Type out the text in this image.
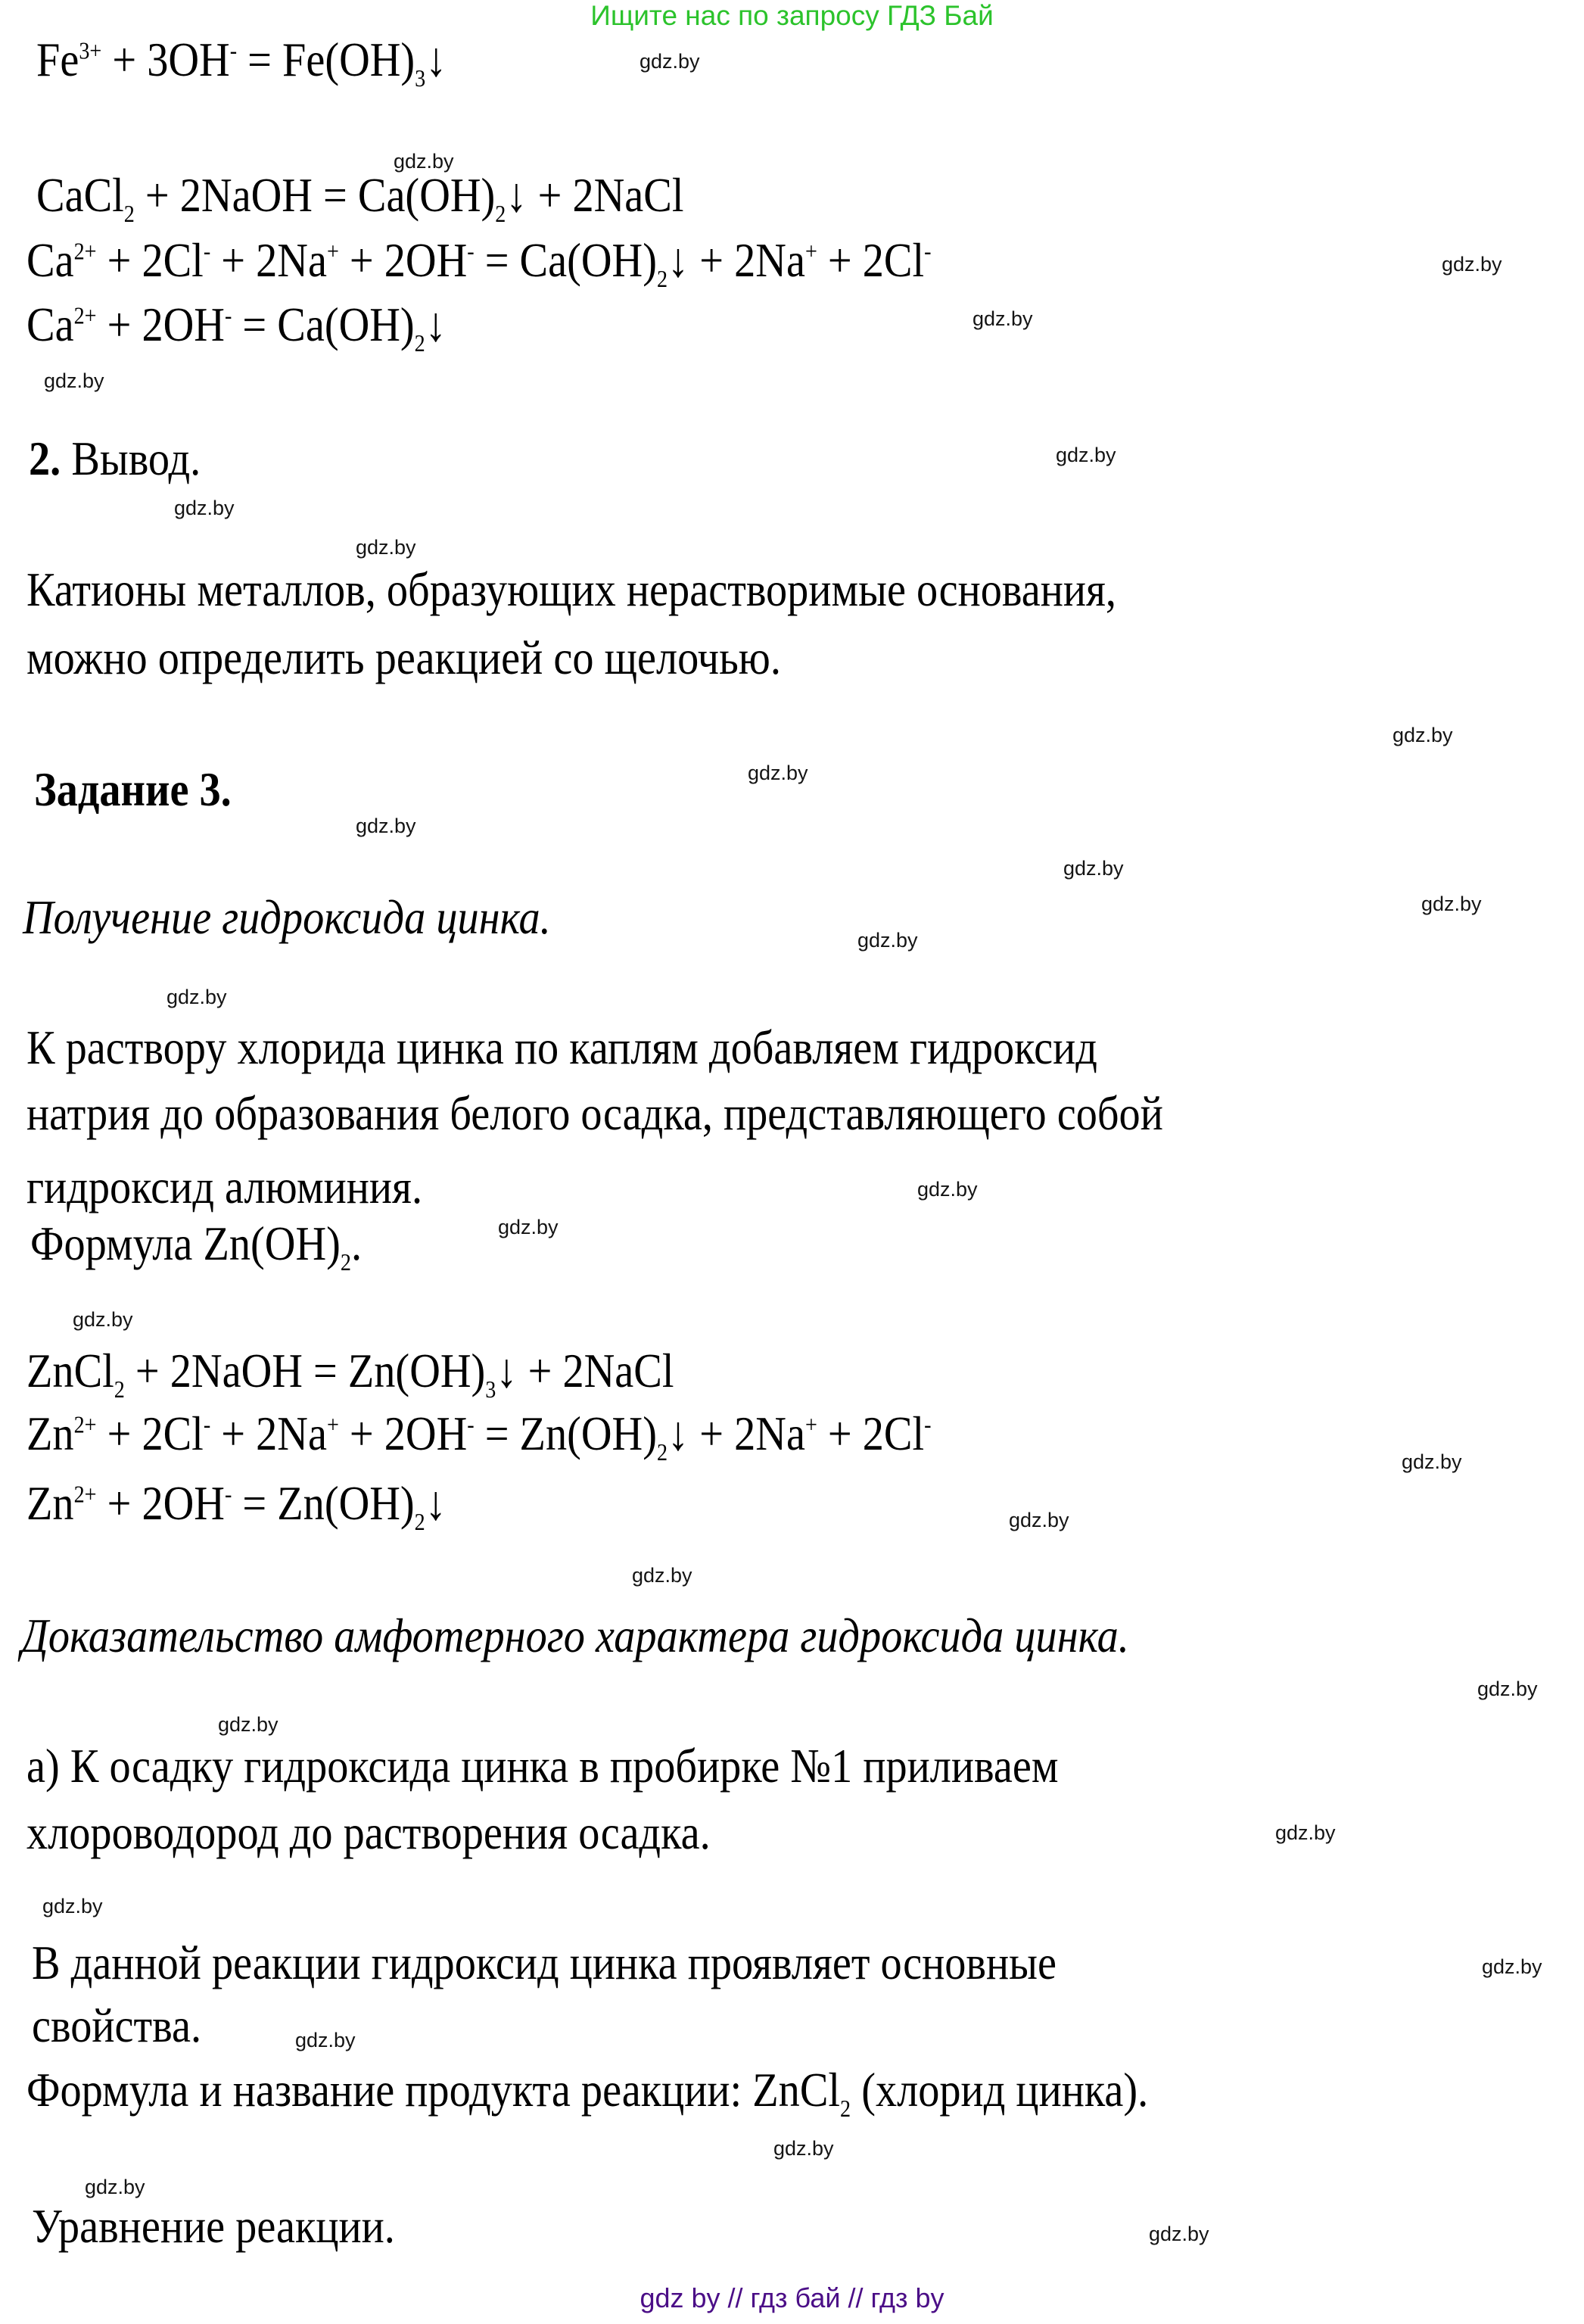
Ищите нас по запросу ГДЗ Бай
$Fe^{3+} + 3OH^-$ = $Fe(OH)_3↓$
CaCl$_2$ + 2NaOH = $Ca(OH)_2↓$ + 2NaCl
$Ca^{2+} + 2Cl^- + 2Na^+ + 2OH^-$ = $Ca(OH)_2↓ + 2Na^+ + 2Cl^-$
$Ca^{2+} + 2OH^-$ = $Ca(OH)_2↓$
2. Вывод.
Катионы металлов, образующих нерастворимые основания,
можно определить реакцией со щелочью.
Задание 3.
Получение гидроксида цинка.
К раствору хлорида цинка по каплям добавляем гидроксид
натрия до образования белого осадка, представляющего собой
гидроксид алюминия.
Формула $Zn(OH)_2$.
ZnCl$_2$ + 2NaOH = $Zn(OH)_3↓$ + 2NaCl
$Zn^{2+} + 2Cl^- + 2Na^+ + 2OH^-$ = $Zn(OH)_2↓ + 2Na^+ + 2Cl^-$
$Zn^{2+} + 2OH^-$ = $Zn(OH)_2↓$
Доказательство амфотерного характера гидроксида цинка.
а) К осадку гидроксида цинка в пробирке №1 приливаем
хлороводород до растворения осадка.
В данной реакции гидроксид цинка проявляет основные
свойства.
Формула и название продукта реакции: ZnCl$_2$ (хлорид цинка).
Уравнение реакции.
gdz.by
gdz.by
gdz.by
gdz.by
gdz.by
gdz.by
gdz.by
gdz.by
gdz.by
gdz.by
gdz.by
gdz.by
gdz.by
gdz.by
gdz.by
gdz.by
gdz.by
gdz.by
gdz.by
gdz.by
gdz.by
gdz.by
gdz.by
gdz.by
gdz.by
gdz.by
gdz.by
gdz.by
gdz.by
gdz.by
gdz by // гдз бай // гдз by
